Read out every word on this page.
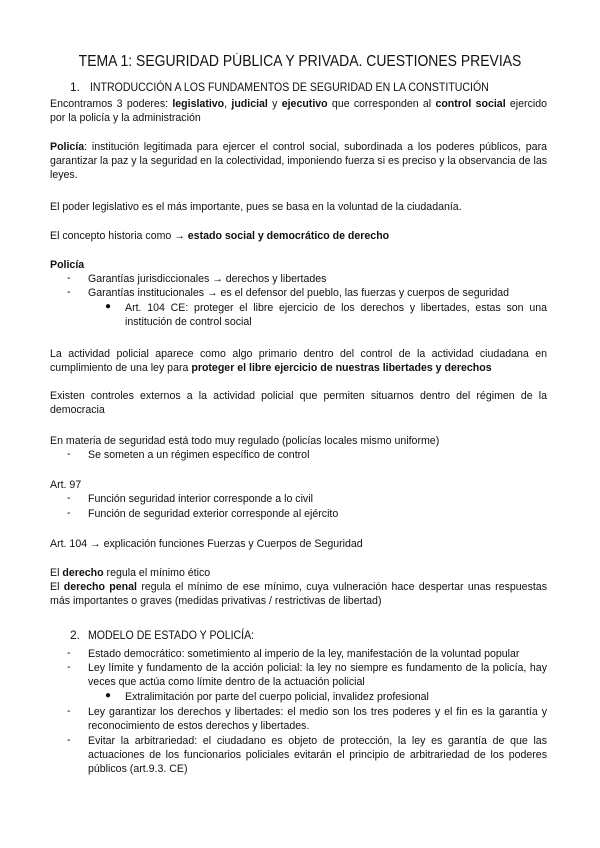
TEMA 1: SEGURIDAD PÚBLICA Y PRIVADA. CUESTIONES PREVIAS
1. INTRODUCCIÓN A LOS FUNDAMENTOS DE SEGURIDAD EN LA CONSTITUCIÓN
Encontramos 3 poderes: legislativo, judicial y ejecutivo que corresponden al control social ejercido por la policía y la administración
Policía: institución legitimada para ejercer el control social, subordinada a los poderes públicos, para garantizar la paz y la seguridad en la colectividad, imponiendo fuerza si es preciso y la observancia de las leyes.
El poder legislativo es el más importante, pues se basa en la voluntad de la ciudadanía.
El concepto historia como → estado social y democrático de derecho
Policía
- Garantías jurisdiccionales → derechos y libertades
- Garantías institucionales → es el defensor del pueblo, las fuerzas y cuerpos de seguridad
● Art. 104 CE: proteger el libre ejercicio de los derechos y libertades, estas son una institución de control social
La actividad policial aparece como algo primario dentro del control de la actividad ciudadana en cumplimiento de una ley para proteger el libre ejercicio de nuestras libertades y derechos
Existen controles externos a la actividad policial que permiten situarnos dentro del régimen de la democracia
En materia de seguridad está todo muy regulado (policías locales mismo uniforme)
- Se someten a un régimen específico de control
Art. 97
- Función seguridad interior corresponde a lo civil
- Función de seguridad exterior corresponde al ejército
Art. 104 → explicación funciones Fuerzas y Cuerpos de Seguridad
El derecho regula el mínimo ético
El derecho penal regula el mínimo de ese mínimo, cuya vulneración hace despertar unas respuestas más importantes o graves (medidas privativas / restrictivas de libertad)
2. MODELO DE ESTADO Y POLICÍA:
- Estado democrático: sometimiento al imperio de la ley, manifestación de la voluntad popular
- Ley límite y fundamento de la acción policial: la ley no siempre es fundamento de la policía, hay veces que actúa como límite dentro de la actuación policial
● Extralimitación por parte del cuerpo policial, invalidez profesional
- Ley garantizar los derechos y libertades: el medio son los tres poderes y el fin es la garantía y reconocimiento de estos derechos y libertades.
- Evitar la arbitrariedad: el ciudadano es objeto de protección, la ley es garantía de que las actuaciones de los funcionarios policiales evitarán el principio de arbitrariedad de los poderes públicos (art.9.3. CE)
